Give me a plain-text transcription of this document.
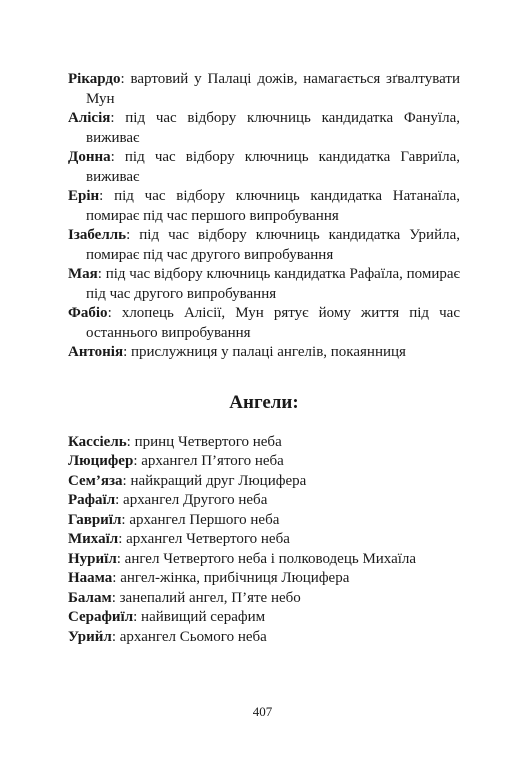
Рікардо: вартовий у Палаці дожів, намагається зґвалтувати Мун

Алісія: під час відбору ключниць кандидатка Фануїла, виживає

Донна: під час відбору ключниць кандидатка Гавриїла, виживає

Ерін: під час відбору ключниць кандидатка Натанаїла, помирає під час першого випробування

Ізабелль: під час відбору ключниць кандидатка Урийла, помирає під час другого випробування

Мая: під час відбору ключниць кандидатка Рафаїла, помирає під час другого випробування

Фабіо: хлопець Алісії, Мун рятує йому життя під час останнього випробування

Антонія: прислужниця у палаці ангелів, покаянниця

Ангели:

Кассіель: принц Четвертого неба

Люцифер: архангел П’ятого неба

Сем’яза: найкращий друг Люцифера

Рафаїл: архангел Другого неба

Гавриїл: архангел Першого неба

Михаїл: архангел Четвертого неба

Нуриїл: ангел Четвертого неба і полководець Михаїла

Наама: ангел-жінка, прибічниця Люцифера

Балам: занепалий ангел, П’яте небо

Серафиїл: найвищий серафим

Урийл: архангел Сьомого неба

407
